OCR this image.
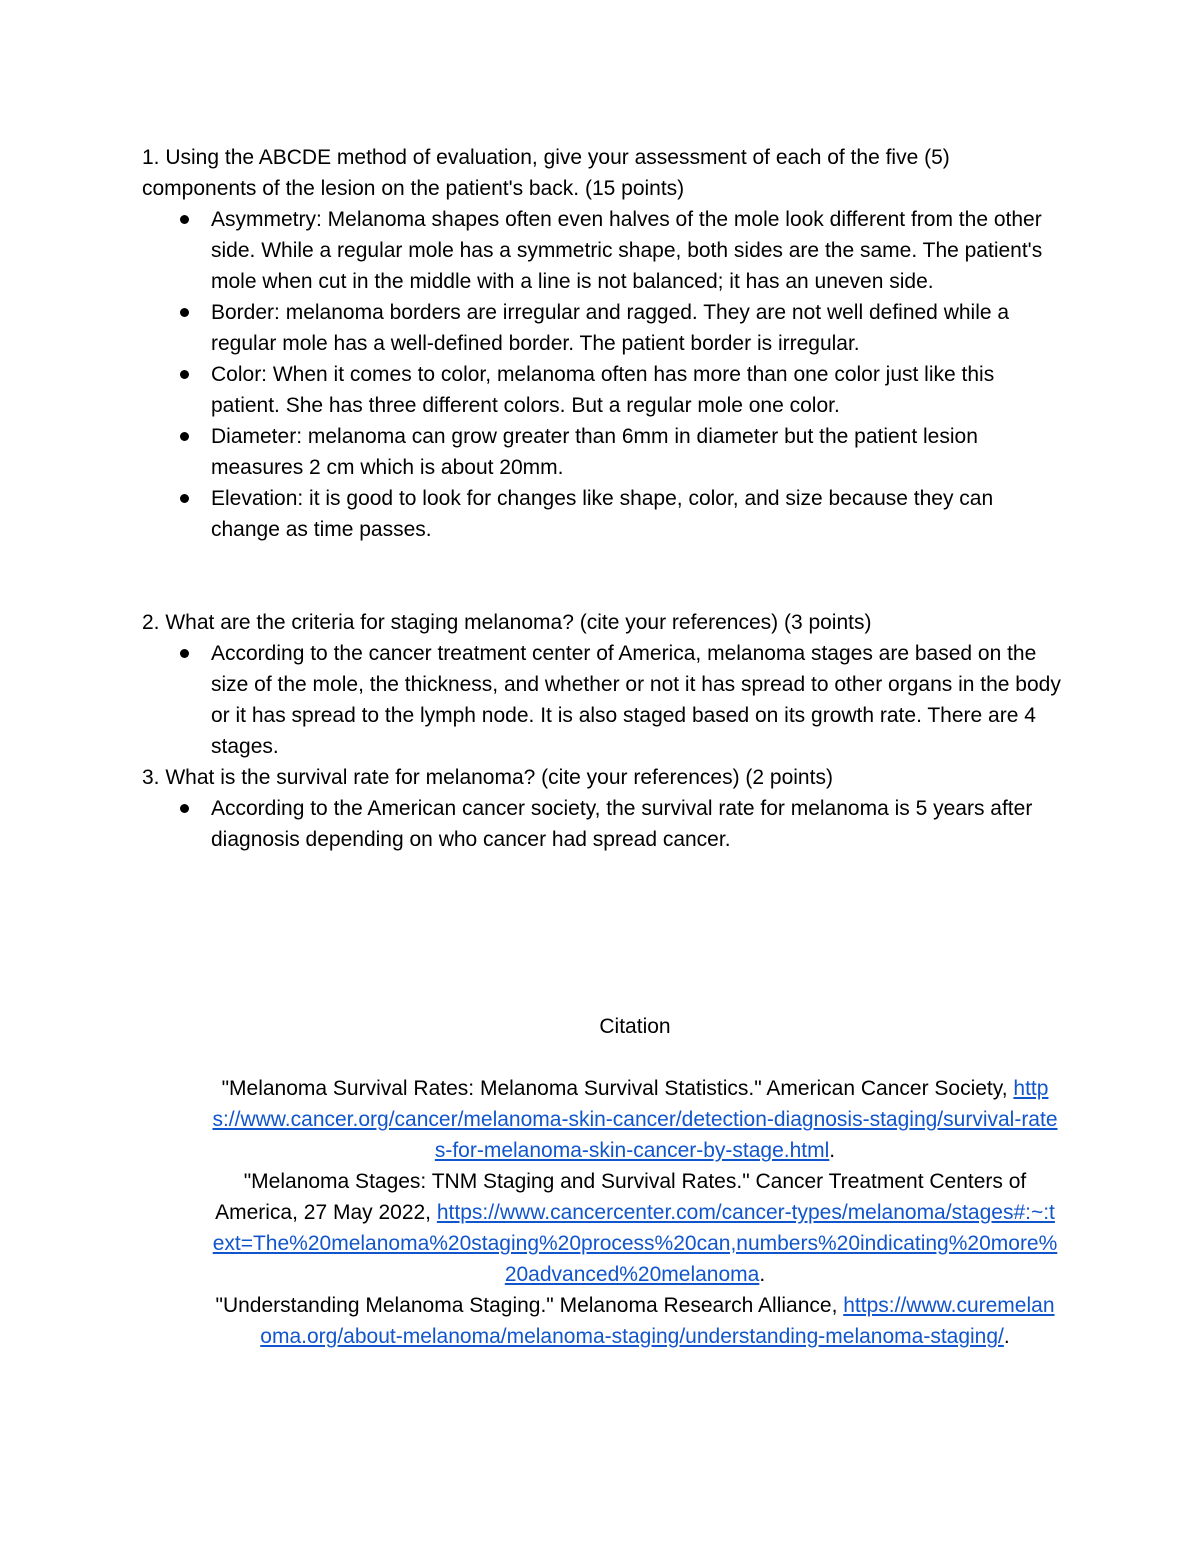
1. Using the ABCDE method of evaluation, give your assessment of each of the five (5) components of the lesion on the patient's back. (15 points)

Asymmetry: Melanoma shapes often even halves of the mole look different from the other side. While a regular mole has a symmetric shape, both sides are the same. The patient's mole when cut in the middle with a line is not balanced; it has an uneven side.
Border: melanoma borders are irregular and ragged. They are not well defined while a regular mole has a well-defined border. The patient border is irregular.
Color: When it comes to color, melanoma often has more than one color just like this patient. She has three different colors. But a regular mole one color.
Diameter: melanoma can grow greater than 6mm in diameter but the patient lesion measures 2 cm which is about 20mm.
Elevation: it is good to look for changes like shape, color, and size because they can change as time passes.

2. What are the criteria for staging melanoma? (cite your references) (3 points)

According to the cancer treatment center of America, melanoma stages are based on the size of the mole, the thickness, and whether or not it has spread to other organs in the body or it has spread to the lymph node. It is also staged based on its growth rate. There are 4 stages.

3. What is the survival rate for melanoma? (cite your references) (2 points)

According to the American cancer society, the survival rate for melanoma is 5 years after diagnosis depending on who cancer had spread cancer.

Citation

"Melanoma Survival Rates: Melanoma Survival Statistics." American Cancer Society, https://www.cancer.org/cancer/melanoma-skin-cancer/detection-diagnosis-staging/survival-rates-for-melanoma-skin-cancer-by-stage.html.

"Melanoma Stages: TNM Staging and Survival Rates." Cancer Treatment Centers of America, 27 May 2022, https://www.cancercenter.com/cancer-types/melanoma/stages#:~:text=The%20melanoma%20staging%20process%20can,numbers%20indicating%20more%20advanced%20melanoma.

"Understanding Melanoma Staging." Melanoma Research Alliance, https://www.curemelanoma.org/about-melanoma/melanoma-staging/understanding-melanoma-staging/.
